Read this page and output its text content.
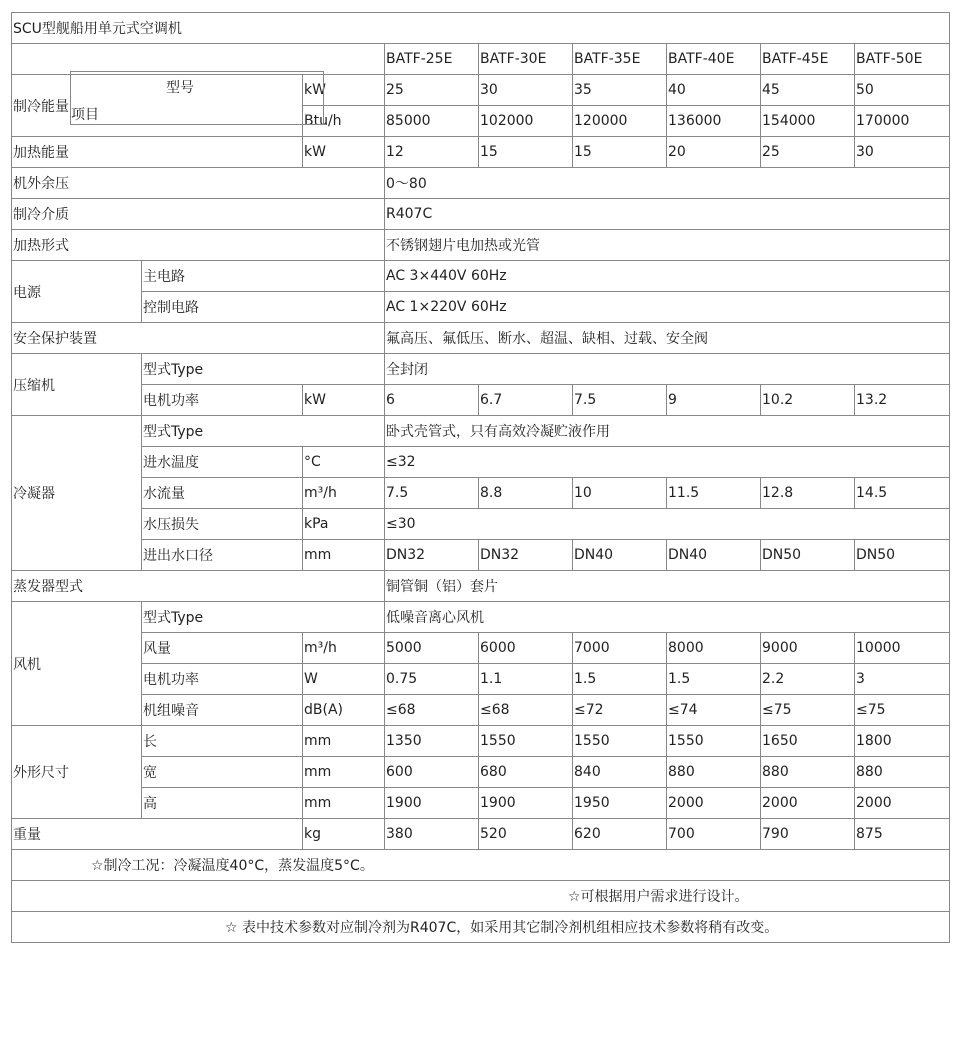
SCU型舰船用单元式空调机								

型号
项目			BATF-25E	BATF-30E	BATF-35E	BATF-40E	BATF-45E	BATF-50E
制冷能量		kW	25	30	35	40	45	50
		Btu/h	85000	102000	120000	136000	154000	170000
加热能量		kW	12	15	15	20	25	30
机外余压			0～80					
制冷介质			R407C					
加热形式			不锈钢翅片电加热或光管					
电源	主电路		AC 3×440V 60Hz					
	控制电路		AC 1×220V 60Hz					
安全保护装置			氟高压、氟低压、断水、超温、缺相、过载、安全阀					
压缩机	型式Type		全封闭					
	电机功率	kW	6	6.7	7.5	9	10.2	13.2
冷凝器	型式Type		卧式壳管式，只有高效冷凝贮液作用					
	进水温度	°C	≤32					
	水流量	m³/h	7.5	8.8	10	11.5	12.8	14.5
	水压损失	kPa	≤30					
	进出水口径	mm	DN32	DN32	DN40	DN40	DN50	DN50
蒸发器型式			铜管铜（铝）套片					
风机	型式Type		低噪音离心风机					
	风量	m³/h	5000	6000	7000	8000	9000	10000
	电机功率	W	0.75	1.1	1.5	1.5	2.2	3
	机组噪音	dB(A)	≤68	≤68	≤72	≤74	≤75	≤75
外形尺寸	长	mm	1350	1550	1550	1550	1650	1800
	宽	mm	600	680	840	880	880	880
	高	mm	1900	1900	1950	2000	2000	2000
重量		kg	380	520	620	700	790	875
☆制冷工况：冷凝温度40°C，蒸发温度5°C。								
☆可根据用户需求进行设计。								
☆ 表中技术参数对应制冷剂为R407C，如采用其它制冷剂机组相应技术参数将稍有改变。								
